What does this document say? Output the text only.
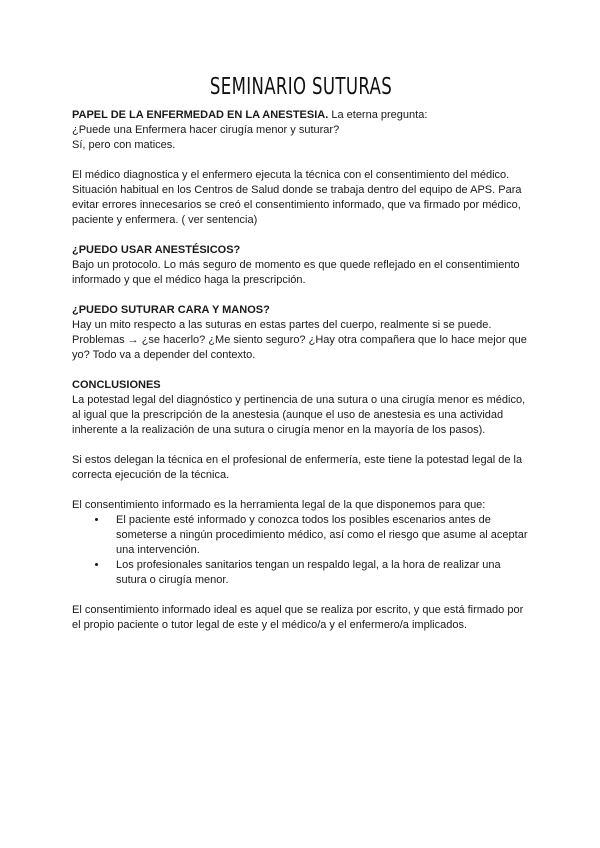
SEMINARIO SUTURAS

PAPEL DE LA ENFERMEDAD EN LA ANESTESIA. La eterna pregunta:

¿Puede una Enfermera hacer cirugía menor y suturar?

Sí, pero con matices.

El médico diagnostica y el enfermero ejecuta la técnica con el consentimiento del médico. Situación habitual en los Centros de Salud donde se trabaja dentro del equipo de APS. Para evitar errores innecesarios se creó el consentimiento informado, que va firmado por médico, paciente y enfermera. ( ver sentencia)

¿PUEDO USAR ANESTÉSICOS?

Bajo un protocolo. Lo más seguro de momento es que quede reflejado en el consentimiento informado y que el médico haga la prescripción.

¿PUEDO SUTURAR CARA Y MANOS?

Hay un mito respecto a las suturas en estas partes del cuerpo, realmente si se puede. Problemas → ¿se hacerlo? ¿Me siento seguro? ¿Hay otra compañera que lo hace mejor que yo? Todo va a depender del contexto.

CONCLUSIONES

La potestad legal del diagnóstico y pertinencia de una sutura o una cirugía menor es médico, al igual que la prescripción de la anestesia (aunque el uso de anestesia es una actividad inherente a la realización de una sutura o cirugía menor en la mayoría de los pasos).

Si estos delegan la técnica en el profesional de enfermería, este tiene la potestad legal de la correcta ejecución de la técnica.

El consentimiento informado es la herramienta legal de la que disponemos para que:

• El paciente esté informado y conozca todos los posibles escenarios antes de someterse a ningún procedimiento médico, así como el riesgo que asume al aceptar una intervención.
• Los profesionales sanitarios tengan un respaldo legal, a la hora de realizar una sutura o cirugía menor.

El consentimiento informado ideal es aquel que se realiza por escrito, y que está firmado por el propio paciente o tutor legal de este y el médico/a y el enfermero/a implicados.
